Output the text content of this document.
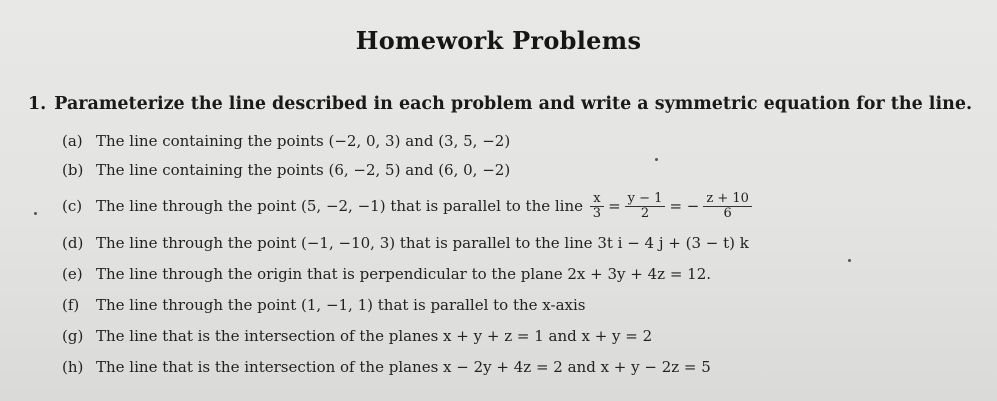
Homework Problems
1. Parameterize the line described in each problem and write a symmetric equation for the line.
(a) The line containing the points (−2, 0, 3) and (3, 5, −2)
(b) The line containing the points (6, −2, 5) and (6, 0, −2)
(c) The line through the point (5, −2, −1) that is parallel to the line $\frac{x}{3} = \frac{y - 1}{2}$ = − $\frac{z + 10}{6}$
(d) The line through the point (−1, −10, 3) that is parallel to the line 3t i − 4 j + (3 − t) k
(e) The line through the origin that is perpendicular to the plane 2x + 3y + 4z = 12.
(f) The line through the point (1, −1, 1) that is parallel to the x-axis
(g) The line that is the intersection of the planes x + y + z = 1 and x + y = 2
(h) The line that is the intersection of the planes x − 2y + 4z = 2 and x + y − 2z = 5
